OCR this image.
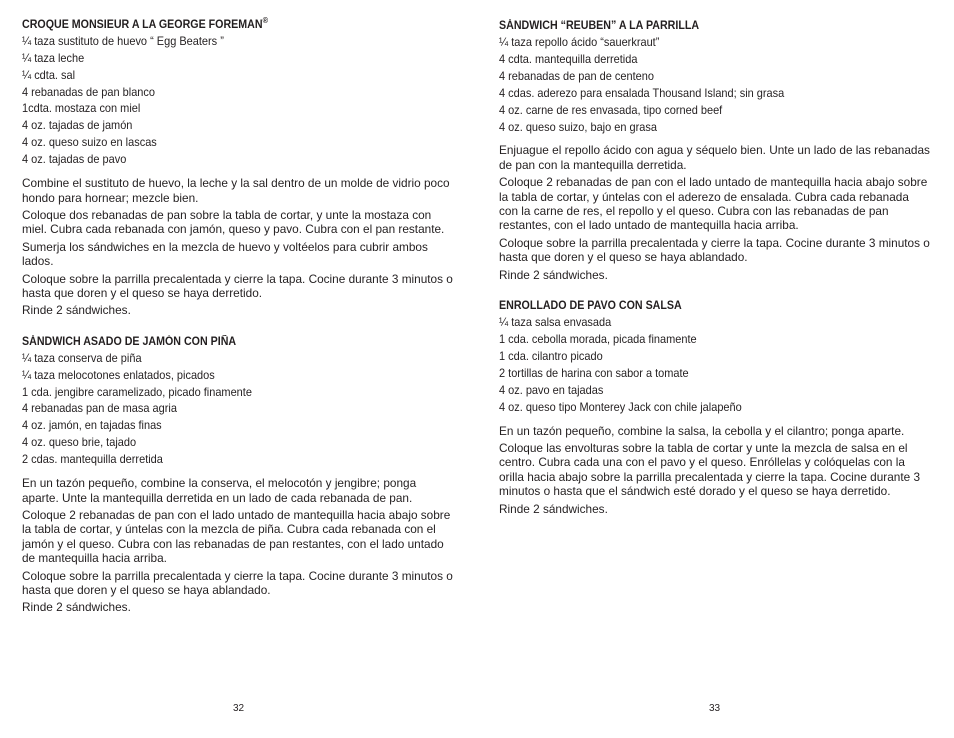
CROQUE MONSIEUR A LA GEORGE FOREMAN®
¼ taza sustituto de huevo “ Egg Beaters ”
¼ taza leche
¼ cdta. sal
4 rebanadas de pan blanco
1cdta. mostaza con miel
4 oz. tajadas de jamón
4 oz. queso suizo en lascas
4 oz. tajadas de pavo

Combine el sustituto de huevo, la leche y la sal dentro de un molde de vidrio poco hondo para hornear; mezcle bien.

Coloque dos rebanadas de pan sobre la tabla de cortar, y unte la mostaza con miel. Cubra cada rebanada con jamón, queso y pavo. Cubra con el pan restante.

Sumerja los sándwiches en la mezcla de huevo y voltéelos para cubrir ambos lados.

Coloque sobre la parrilla precalentada y cierre la tapa. Cocine durante 3 minutos o hasta que doren y el queso se haya derretido.

Rinde 2 sándwiches.

SÁNDWICH ASADO DE JAMÓN CON PIÑA
¼ taza conserva de piña
¼ taza melocotones enlatados, picados
1 cda. jengibre caramelizado, picado finamente
4 rebanadas pan de masa agria
4 oz. jamón, en tajadas finas
4 oz. queso brie, tajado
2 cdas. mantequilla derretida

En un tazón pequeño, combine la conserva, el melocotón y jengibre; ponga aparte. Unte la mantequilla derretida en un lado de cada rebanada de pan.

Coloque 2 rebanadas de pan con el lado untado de mantequilla hacia abajo sobre la tabla de cortar, y úntelas con la mezcla de piña. Cubra cada rebanada con el jamón y el queso. Cubra con las rebanadas de pan restantes, con el lado untado de mantequilla hacia arriba.

Coloque sobre la parrilla precalentada y cierre la tapa. Cocine durante 3 minutos o hasta que doren y el queso se haya ablandado.

Rinde 2 sándwiches.

32
SÁNDWICH “REUBEN” A LA PARRILLA
¼ taza repollo ácido “sauerkraut”
4 cdta. mantequilla derretida
4 rebanadas de pan de centeno
4 cdas. aderezo para ensalada Thousand Island; sin grasa
4 oz. carne de res envasada, tipo corned beef
4 oz. queso suizo, bajo en grasa

Enjuague el repollo ácido con agua y séquelo bien. Unte un lado de las rebanadas de pan con la mantequilla derretida.

Coloque 2 rebanadas de pan con el lado untado de mantequilla hacia abajo sobre la tabla de cortar, y úntelas con el aderezo de ensalada. Cubra cada rebanada con la carne de res, el repollo y el queso. Cubra con las rebanadas de pan restantes, con el lado untado de mantequilla hacia arriba.

Coloque sobre la parrilla precalentada y cierre la tapa. Cocine durante 3 minutos o hasta que doren y el queso se haya ablandado.

Rinde 2 sándwiches.

ENROLLADO DE PAVO CON SALSA
¼ taza salsa envasada
1 cda. cebolla morada, picada finamente
1 cda. cilantro picado
2 tortillas de harina con sabor a tomate
4 oz. pavo en tajadas
4 oz. queso tipo Monterey Jack con chile jalapeño

En un tazón pequeño, combine la salsa, la cebolla y el cilantro; ponga aparte.

Coloque las envolturas sobre la tabla de cortar y unte la mezcla de salsa en el centro. Cubra cada una con el pavo y el queso. Enróllelas y colóquelas con la orilla hacia abajo sobre la parrilla precalentada y cierre la tapa. Cocine durante 3 minutos o hasta que el sándwich esté dorado y el queso se haya derretido.

Rinde 2 sándwiches.

33
